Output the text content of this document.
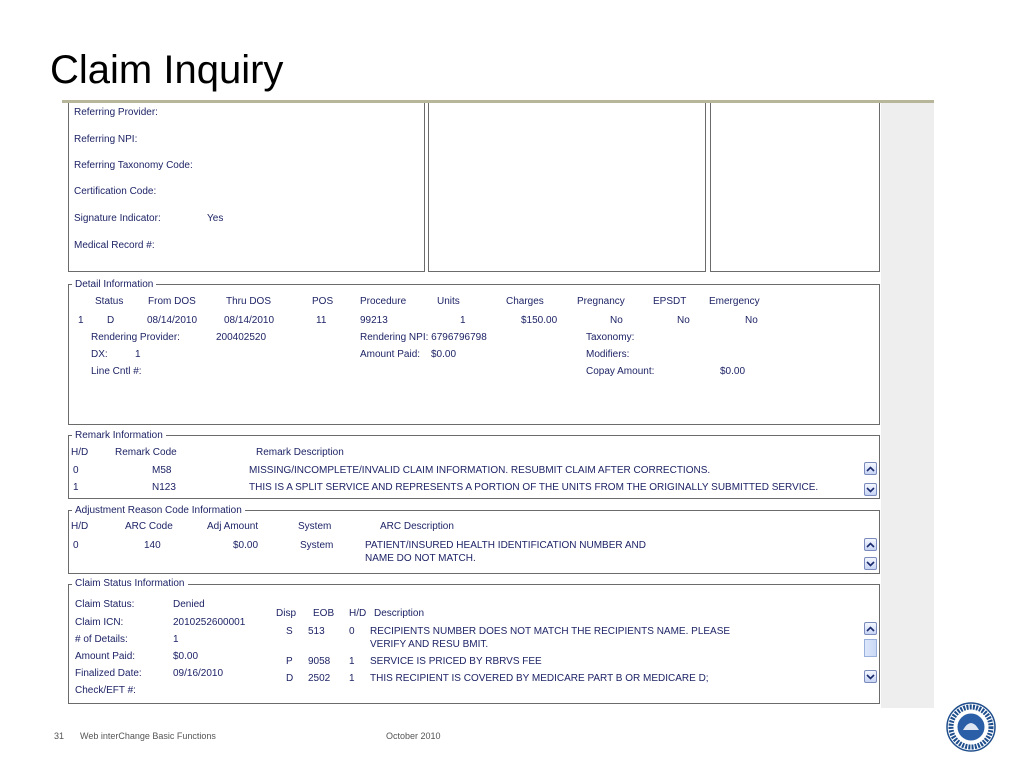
Claim Inquiry
Referring Provider:
Referring NPI:
Referring Taxonomy Code:
Certification Code:
Signature Indicator:	Yes
Medical Record #:
Status From DOS	Thru DOS	POS	Procedure	Units	Charges	Pregnancy	EPSDT Emergency
1 D	08/14/2010	08/14/2010	11	99213	1	$150.00	No	No	No
Rendering Provider:	200402520	Rendering NPI: 6796796798	Taxonomy:
DX:	1	Amount Paid: $0.00	Modifiers:
Line Cntl #:	Copay Amount:	$0.00
Detail Information
H/D	Remark Code	Remark Description
0	M58	MISSING/INCOMPLETE/INVALID CLAIM INFORMATION. RESUBMIT CLAIM AFTER CORRECTIONS.
1	N123	THIS IS A SPLIT SERVICE AND REPRESENTS A PORTION OF THE UNITS FROM THE ORIGINALLY SUBMITTED SERVICE.
Remark Information
H/D	ARC Code	Adj Amount	System	ARC Description
0	140	$0.00	System	PATIENT/INSURED HEALTH IDENTIFICATION NUMBER AND
NAME DO NOT MATCH.
Adjustment Reason Code Information
Claim Status:	Denied
Claim ICN:	2010252600001
# of Details:	1
Amount Paid:	$0.00
Finalized Date:	09/16/2010
Check/EFT #:
Disp EOB H/D Description
S 513 0 RECIPIENTS NUMBER DOES NOT MATCH THE RECIPIENTS NAME. PLEASE
VERIFY AND RESU BMIT.
P 9058 1 SERVICE IS PRICED BY RBRVS FEE
D 2502 1 THIS RECIPIENT IS COVERED BY MEDICARE PART B OR MEDICARE D;
Claim Status Information
31 Web interChange Basic Functions	October 2010
